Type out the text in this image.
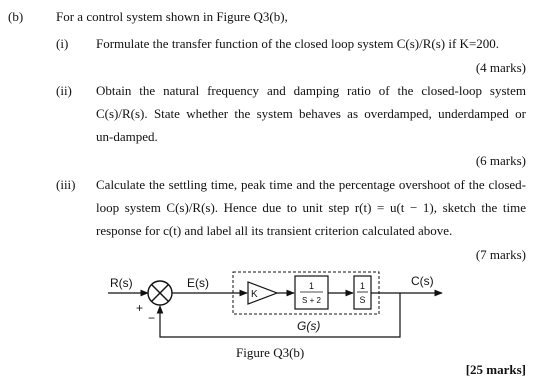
(b)	For a control system shown in Figure Q3(b),
(i) Formulate the transfer function of the closed loop system C(s)/R(s) if K=200.
(4 marks)
(ii) Obtain the natural frequency and damping ratio of the closed-loop system
C(s)/R(s). State whether the system behaves as overdamped, underdamped or
un-damped.
(6 marks)
(iii) Calculate the settling time, peak time and the percentage overshoot of the closed-
loop system C(s)/R(s). Hence due to unit step r(t) = u(t − 1), sketch the time
response for c(t) and label all its transient criterion calculated above.
(7 marks)
R(s)
+
−
E(s)
G(s)
K
1
S + 2
1
S
C(s)
Figure Q3(b)
[25 marks]
